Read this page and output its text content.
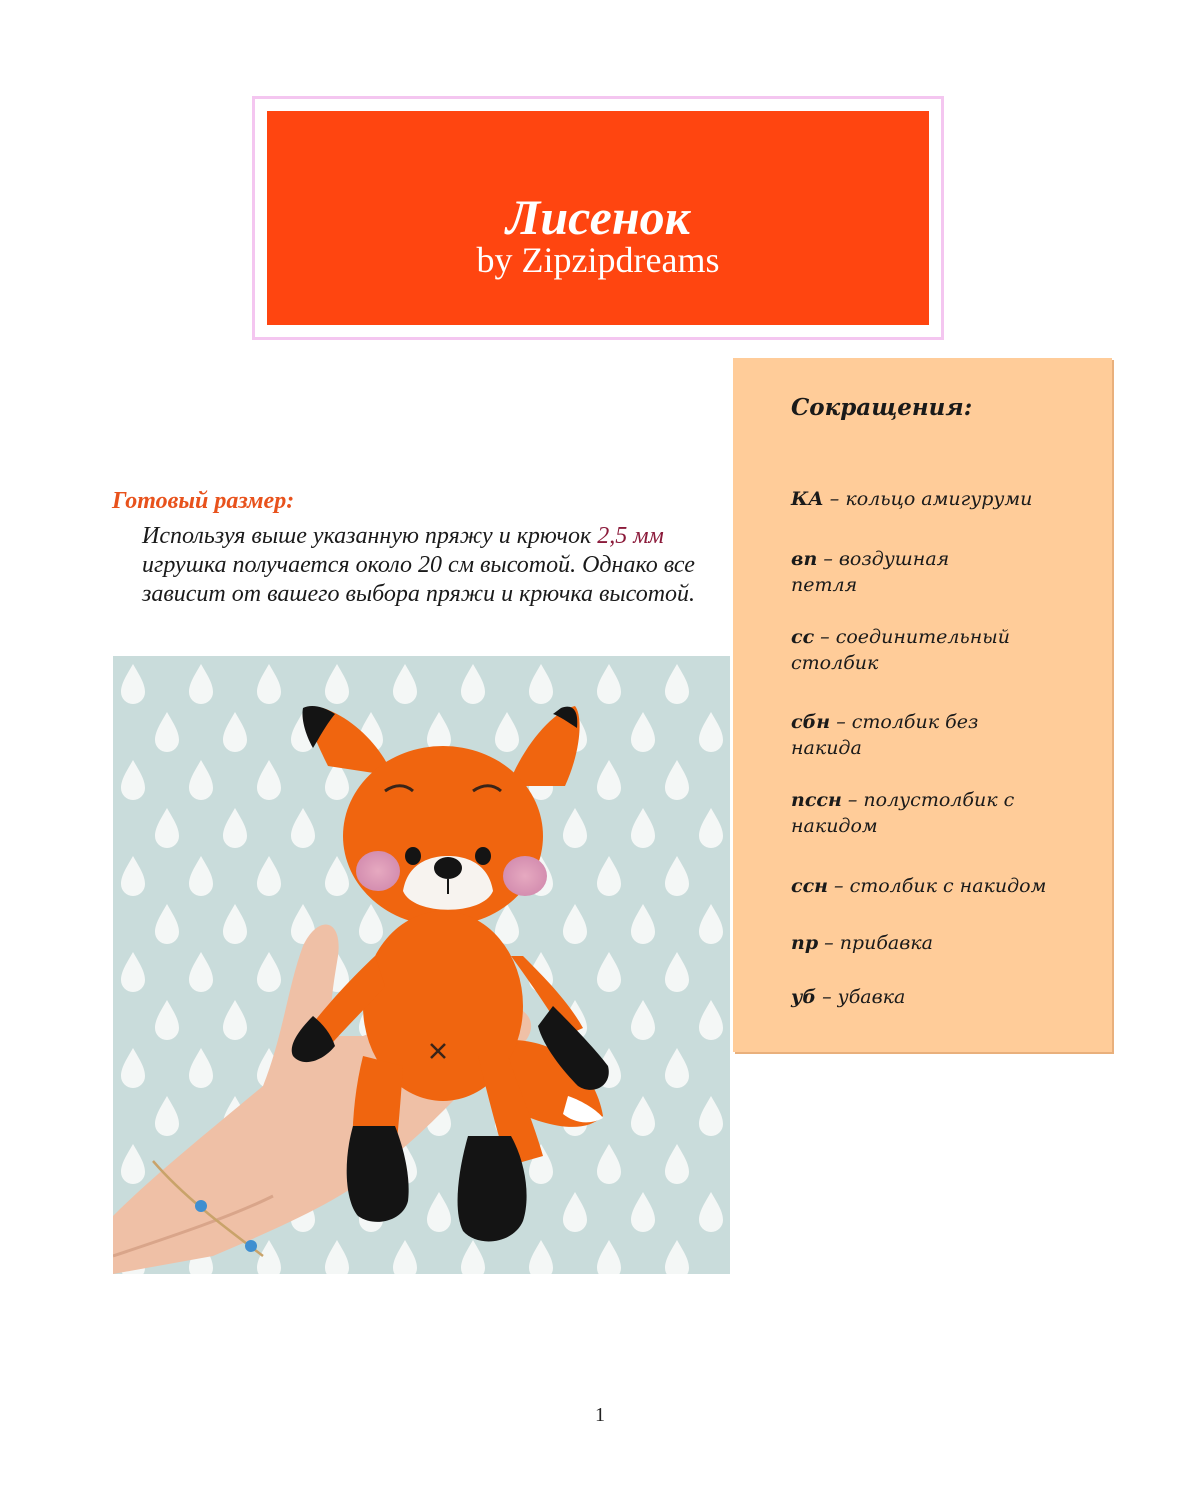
Лисенок
by Zipzipdreams
Сокращения:
КА – кольцо амигуруми
вп – воздушная петля
сс – соединительный столбик
сбн – столбик без накида
пссн – полустолбик с накидом
ссн – столбик с накидом
пр – прибавка
уб – убавка
Готовый размер:
Используя выше указанную пряжу и крючок 2,5 мм игрушка получается около 20 см высотой. Однако все зависит от вашего выбора пряжи и крючка высотой.
1
